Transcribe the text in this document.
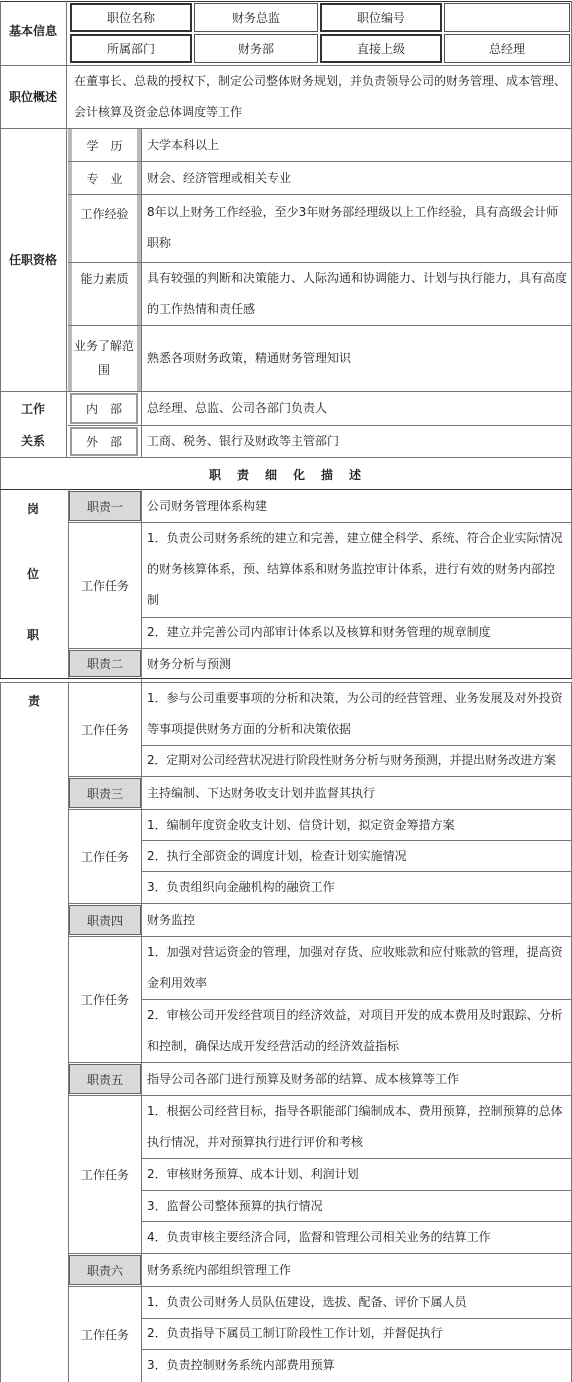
基本信息
职位名称	财务总监	职位编号
所属部门	财务部	直接上级	总经理
职位概述
在董事长、总裁的授权下，制定公司整体财务规划，并负责领导公司的财务管理、成本管理、会计核算及资金总体调度等工作
任职资格
学　历	大学本科以上
专　业	财会、经济管理或相关专业
工作经验	8年以上财务工作经验，至少3年财务部经理级以上工作经验，具有高级会计师职称
能力素质	具有较强的判断和决策能力、人际沟通和协调能力、计划与执行能力，具有高度的工作热情和责任感
业务了解范围
熟悉各项财务政策，精通财务管理知识
工作
关系
内　部	总经理、总监、公司各部门负责人
外　部	工商、税务、银行及财政等主管部门
职　责　细　化　描　述
岗
位
职
责
职责一	公司财务管理体系构建
工作任务
1．负责公司财务系统的建立和完善，建立健全科学、系统、符合企业实际情况的财务核算体系，预、结算体系和财务监控审计体系，进行有效的财务内部控制
2．建立并完善公司内部审计体系以及核算和财务管理的规章制度
职责二	财务分析与预测
工作任务
1．参与公司重要事项的分析和决策，为公司的经营管理、业务发展及对外投资等事项提供财务方面的分析和决策依据
2．定期对公司经营状况进行阶段性财务分析与财务预测，并提出财务改进方案
职责三	主持编制、下达财务收支计划并监督其执行
工作任务
1．编制年度资金收支计划、信贷计划，拟定资金筹措方案
2．执行全部资金的调度计划，检查计划实施情况
3．负责组织向金融机构的融资工作
职责四	财务监控
工作任务
1．加强对营运资金的管理，加强对存货、应收账款和应付账款的管理，提高资金利用效率
2．审核公司开发经营项目的经济效益，对项目开发的成本费用及时跟踪、分析和控制，确保达成开发经营活动的经济效益指标
职责五	指导公司各部门进行预算及财务部的结算、成本核算等工作
工作任务
1．根据公司经营目标，指导各职能部门编制成本、费用预算，控制预算的总体执行情况，并对预算执行进行评价和考核
2．审核财务预算、成本计划、利润计划
3．监督公司整体预算的执行情况
4．负责审核主要经济合同，监督和管理公司相关业务的结算工作
职责六	财务系统内部组织管理工作
工作任务
1．负责公司财务人员队伍建设，选拔、配备、评价下属人员
2．负责指导下属员工制订阶段性工作计划，并督促执行
3．负责控制财务系统内部费用预算
